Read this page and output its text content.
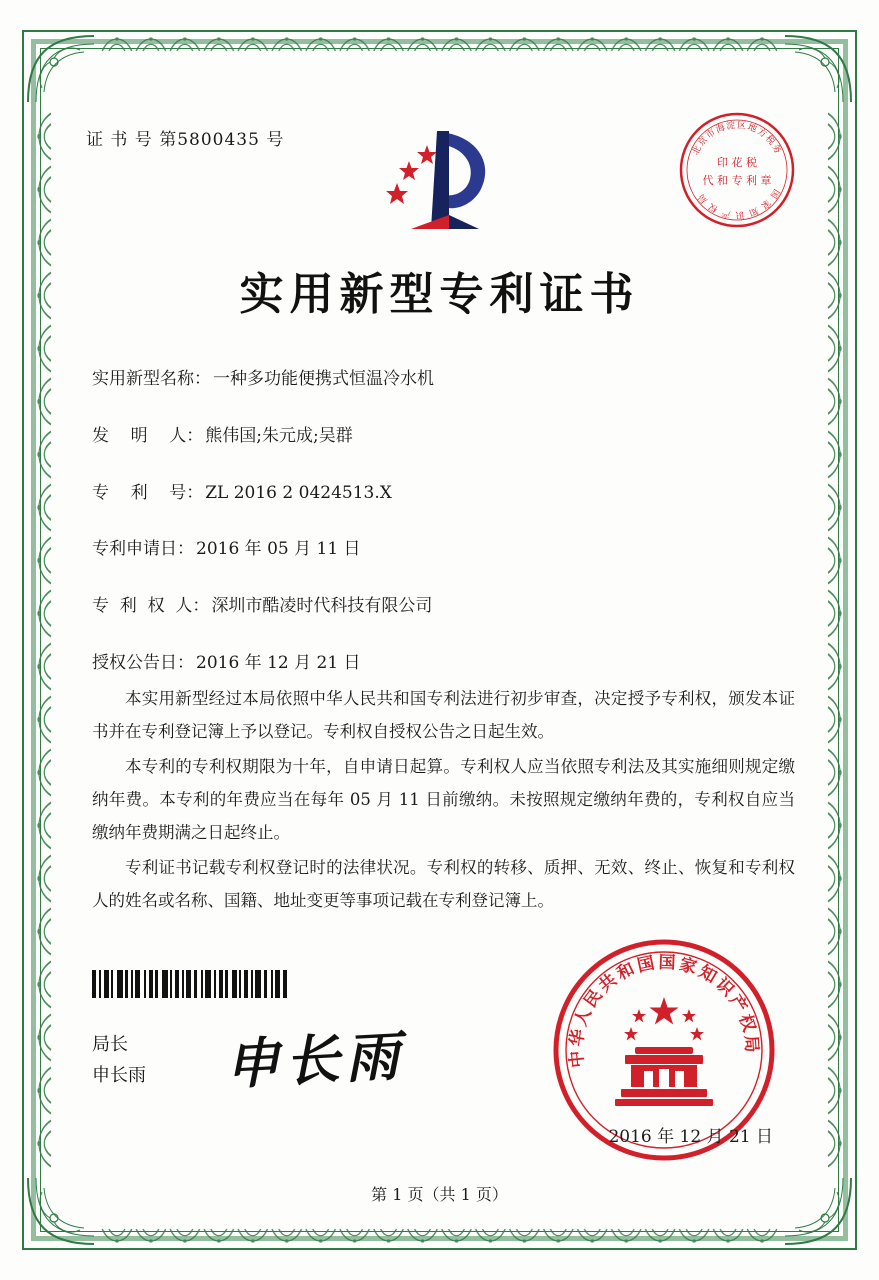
证 书 号 第5800435 号
北
京
市
海 淀 区 地
方
税
务
国
家
知
识
产
权
局
印 花 税
代 和 专 利 章
实用新型专利证书
实用新型名称： 一种多功能便携式恒温冷水机
发    明    人： 熊伟国;朱元成;吴群
专    利    号： ZL 2016 2 0424513.X
专利申请日： 2016 年 05 月 11 日
专  利  权  人： 深圳市酷凌时代科技有限公司
授权公告日： 2016 年 12 月 21 日

本实用新型经过本局依照中华人民共和国专利法进行初步审查，决定授予专利权，颁发本证书并在专利登记簿上予以登记。专利权自授权公告之日起生效。

本专利的专利权期限为十年，自申请日起算。专利权人应当依照专利法及其实施细则规定缴纳年费。本专利的年费应当在每年 05 月 11 日前缴纳。未按照规定缴纳年费的，专利权自应当缴纳年费期满之日起终止。

专利证书记载专利权登记时的法律状况。专利权的转移、质押、无效、终止、恢复和专利权人的姓名或名称、国籍、地址变更等事项记载在专利登记簿上。

局长
申长雨 申长雨	中
华
人
民
共
和
国 国 家
知
识
产
权
局
2016 年 12 月 21 日
第 1 页（共 1 页）
